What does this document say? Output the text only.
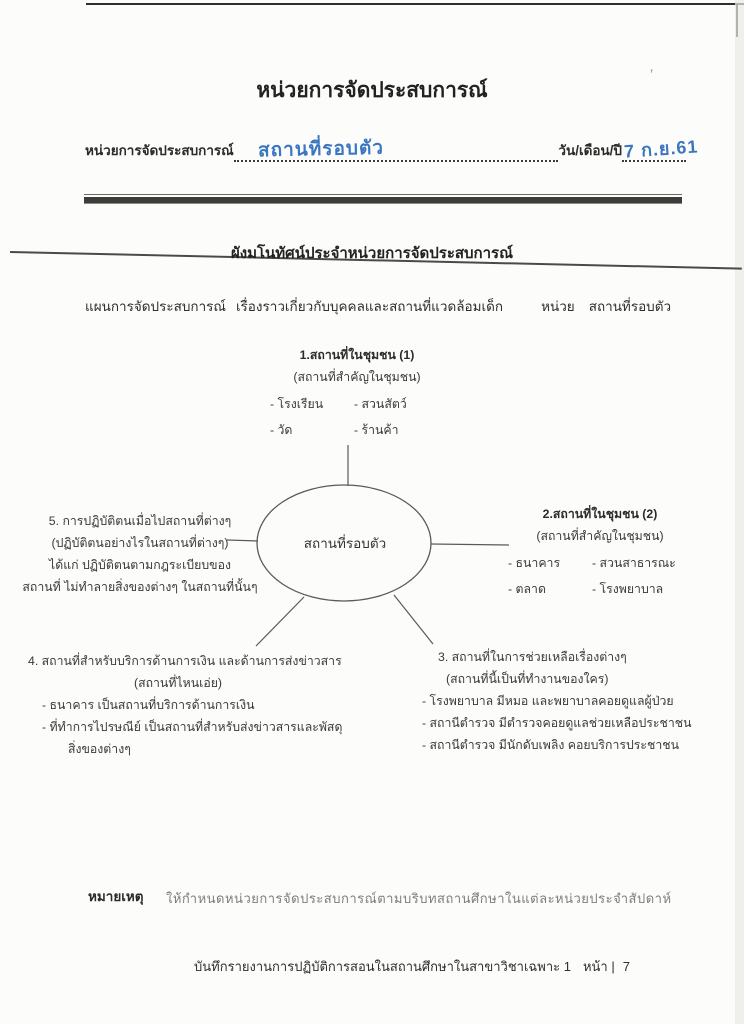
’
หน่วยการจัดประสบการณ์
หน่วยการจัดประสบการณ์ สถานที่รอบตัว	วัน/เดือน/ปี 7 ก.ย.61
ผังมโนทัศน์ประจำหน่วยการจัดประสบการณ์
แผนการจัดประสบการณ์ เรื่องราวเกี่ยวกับบุคคลและสถานที่แวดล้อมเด็ก	หน่วย สถานที่รอบตัว
สถานที่รอบตัว
1.สถานที่ในชุมชน (1)
(สถานที่สำคัญในชุมชน)
- โรงเรียน	- สวนสัตว์
- วัด	- ร้านค้า
2.สถานที่ในชุมชน (2)
(สถานที่สำคัญในชุมชน)
- ธนาคาร	- สวนสาธารณะ
- ตลาด	- โรงพยาบาล
5. การปฏิบัติตนเมื่อไปสถานที่ต่างๆ
(ปฏิบัติตนอย่างไรในสถานที่ต่างๆ)
ได้แก่ ปฏิบัติตนตามกฎระเบียบของ
สถานที่ ไม่ทำลายสิ่งของต่างๆ ในสถานที่นั้นๆ
4. สถานที่สำหรับบริการด้านการเงิน และด้านการส่งข่าวสาร
(สถานที่ไหนเอ่ย)
- ธนาคาร เป็นสถานที่บริการด้านการเงิน
- ที่ทำการไปรษณีย์ เป็นสถานที่สำหรับส่งข่าวสารและพัสดุ
สิ่งของต่างๆ
3. สถานที่ในการช่วยเหลือเรื่องต่างๆ
(สถานที่นี้เป็นที่ทำงานของใคร)
- โรงพยาบาล มีหมอ และพยาบาลคอยดูแลผู้ป่วย
- สถานีตำรวจ มีตำรวจคอยดูแลช่วยเหลือประชาชน
- สถานีตำรวจ มีนักดับเพลิง คอยบริการประชาชน
หมายเหตุ ให้กำหนดหน่วยการจัดประสบการณ์ตามบริบทสถานศึกษาในแต่ละหน่วยประจำสัปดาห์
บันทึกรายงานการปฏิบัติการสอนในสถานศึกษาในสาขาวิชาเฉพาะ 1 หน้า | 7
